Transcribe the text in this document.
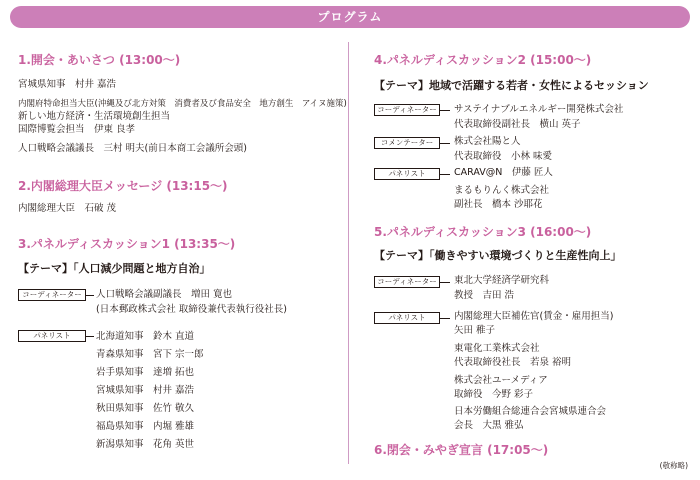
プログラム
1.開会・あいさつ (13:00〜)
宮城県知事　村井 嘉浩
内閣府特命担当大臣(沖縄及び北方対策　消費者及び食品安全　地方創生　アイヌ施策)
新しい地方経済・生活環境創生担当
国際博覧会担当　伊東 良孝
人口戦略会議議長　三村 明夫(前日本商工会議所会頭)
2.内閣総理大臣メッセージ (13:15〜)
内閣総理大臣　石破 茂
3.パネルディスカッション1 (13:35〜)
【テーマ】「人口減少問題と地方自治」
コーディネーター	人口戦略会議副議長　増田 寛也
(日本郵政株式会社 取締役兼代表執行役社長)
パネリスト	北海道知事　鈴木 直道
青森県知事　宮下 宗一郎
岩手県知事　達増 拓也
宮城県知事　村井 嘉浩
秋田県知事　佐竹 敬久
福島県知事　内堀 雅雄
新潟県知事　花角 英世
4.パネルディスカッション2 (15:00〜)
【テーマ】地域で活躍する若者・女性によるセッション
コーディネーター	サステイナブルエネルギー開発株式会社
代表取締役副社長　横山 英子
コメンテーター	株式会社陽と人
代表取締役　小林 味愛
パネリスト	CARAV@N　伊藤 匠人
まるもりんく株式会社
副社長　橋本 沙耶花
5.パネルディスカッション3 (16:00〜)
【テーマ】「働きやすい環境づくりと生産性向上」
コーディネーター	東北大学経済学研究科
教授　吉田 浩
パネリスト	内閣総理大臣補佐官(賃金・雇用担当)
矢田 稚子
東電化工業株式会社
代表取締役社長　若泉 裕明
株式会社ユーメディア
取締役　今野 彩子
日本労働組合総連合会宮城県連合会
会長　大黒 雅弘
6.閉会・みやぎ宣言 (17:05〜)
(敬称略)
